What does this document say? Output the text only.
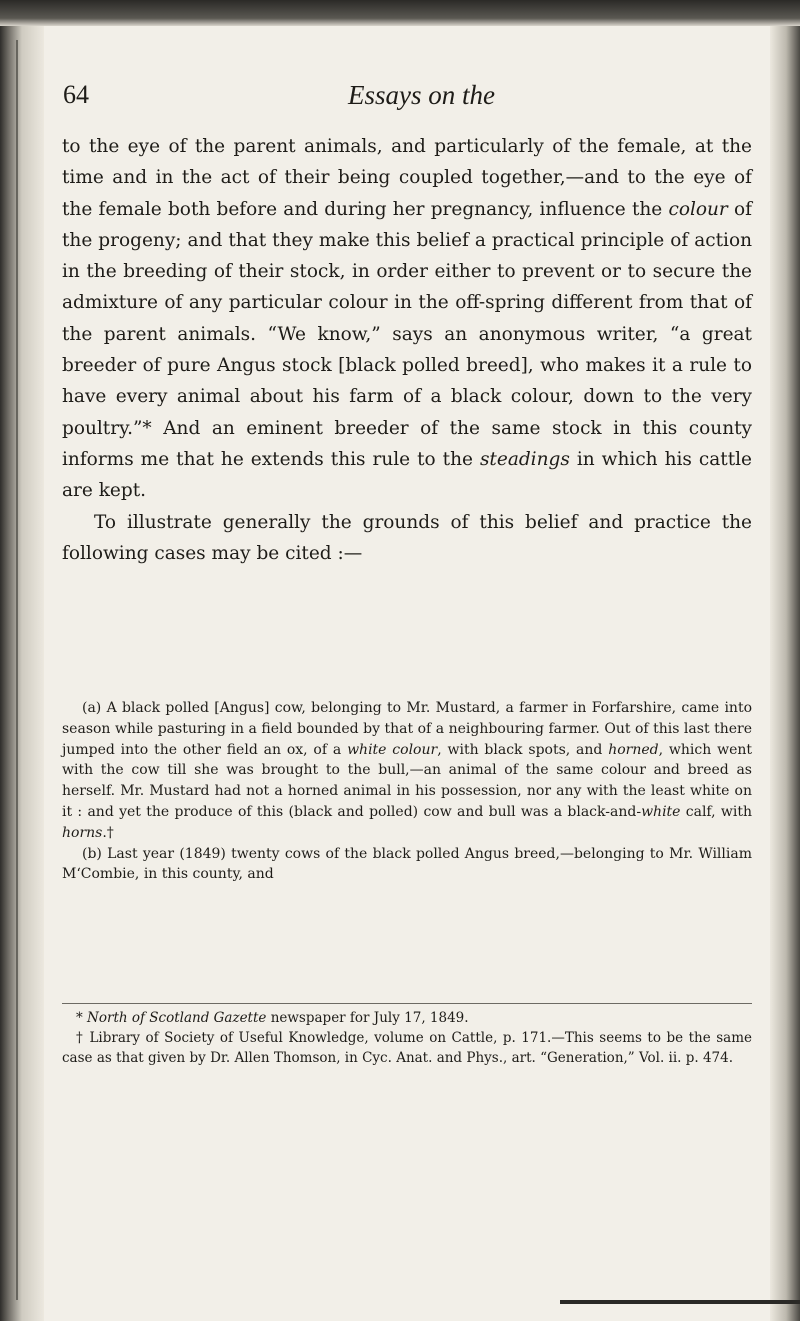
64	Essays on the

to the eye of the parent animals, and particularly of the female, at the time and in the act of their being coupled together,—and to the eye of the female both before and during her pregnancy, influence the colour of the progeny; and that they make this belief a practical principle of action in the breeding of their stock, in order either to prevent or to secure the admixture of any particular colour in the off-spring different from that of the parent animals. “We know,” says an anonymous writer, “a great breeder of pure Angus stock [black polled breed], who makes it a rule to have every animal about his farm of a black colour, down to the very poultry.”* And an eminent breeder of the same stock in this county informs me that he extends this rule to the steadings in which his cattle are kept.

To illustrate generally the grounds of this belief and practice the following cases may be cited :—

(a) A black polled [Angus] cow, belonging to Mr. Mustard, a farmer in Forfarshire, came into season while pasturing in a field bounded by that of a neighbouring farmer. Out of this last there jumped into the other field an ox, of a white colour, with black spots, and horned, which went with the cow till she was brought to the bull,—an animal of the same colour and breed as herself. Mr. Mustard had not a horned animal in his possession, nor any with the least white on it : and yet the produce of this (black and polled) cow and bull was a black-and-white calf, with horns.†

(b) Last year (1849) twenty cows of the black polled Angus breed,—belonging to Mr. William M‘Combie, in this county, and

* North of Scotland Gazette newspaper for July 17, 1849.

† Library of Society of Useful Knowledge, volume on Cattle, p. 171.—This seems to be the same case as that given by Dr. Allen Thomson, in Cyc. Anat. and Phys., art. “Generation,” Vol. ii. p. 474.
